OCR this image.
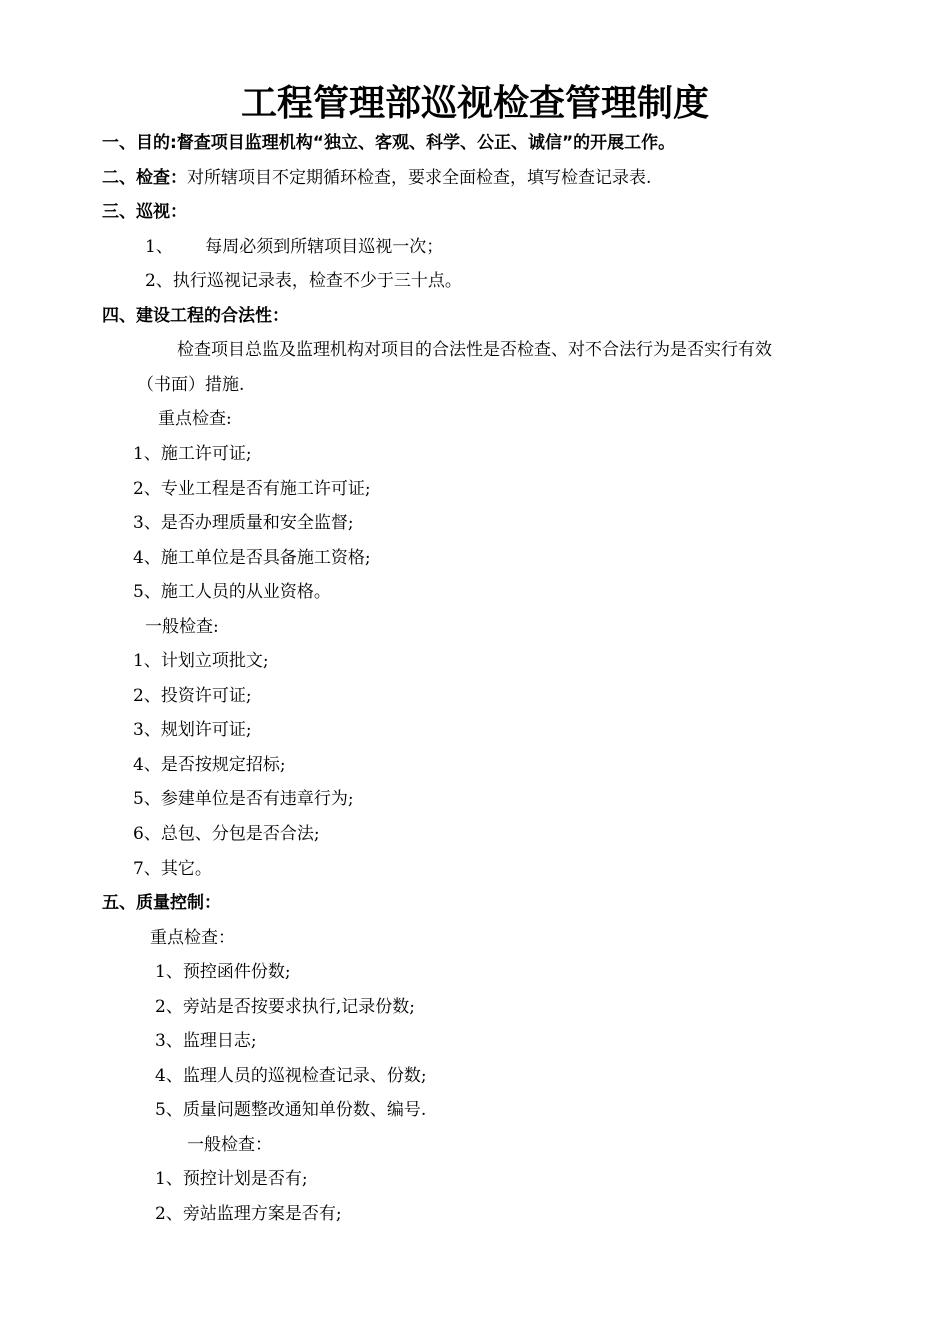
工程管理部巡视检查管理制度
一、目的:督查项目监理机构“独立、客观、科学、公正、诚信”的开展工作。
二、检查：对所辖项目不定期循环检查，要求全面检查，填写检查记录表.
三、巡视：
1、      每周必须到所辖项目巡视一次；
2、执行巡视记录表，检查不少于三十点。
四、建设工程的合法性：
检查项目总监及监理机构对项目的合法性是否检查、对不合法行为是否实行有效
（书面）措施.
重点检查:
1、施工许可证;
2、专业工程是否有施工许可证;
3、是否办理质量和安全监督;
4、施工单位是否具备施工资格;
5、施工人员的从业资格。
一般检查:
1、计划立项批文;
2、投资许可证;
3、规划许可证;
4、是否按规定招标;
5、参建单位是否有违章行为;
6、总包、分包是否合法;
7、其它。
五、质量控制：
重点检查：
1、预控函件份数;
2、旁站是否按要求执行,记录份数;
3、监理日志;
4、监理人员的巡视检查记录、份数;
5、质量问题整改通知单份数、编号.
一般检查：
1、预控计划是否有;
2、旁站监理方案是否有;
